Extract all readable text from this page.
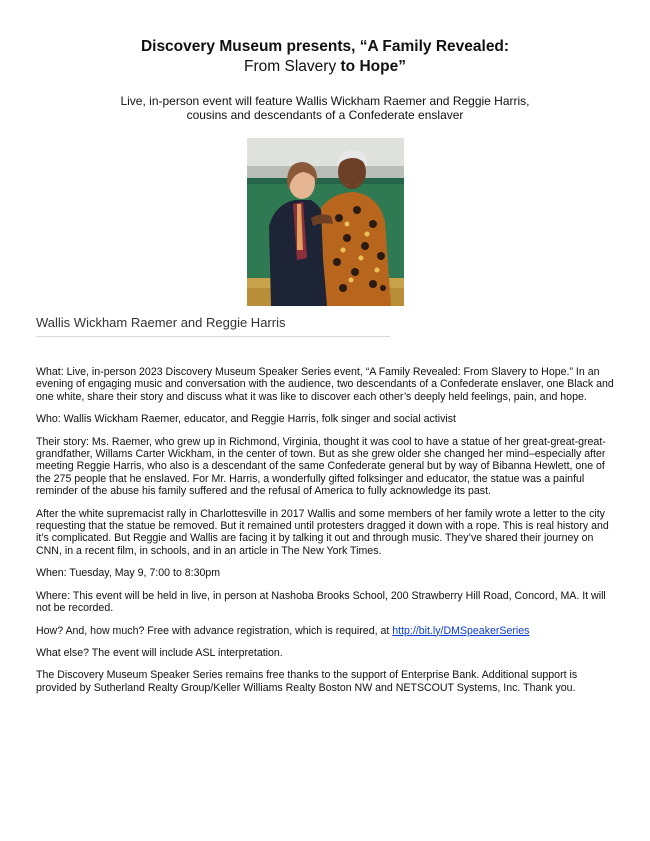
Discovery Museum presents, “A Family Revealed:
From Slavery to Hope”
Live, in-person event will feature Wallis Wickham Raemer and Reggie Harris,
cousins and descendants of a Confederate enslaver
Wallis Wickham Raemer and Reggie Harris

What: Live, in-person 2023 Discovery Museum Speaker Series event, “A Family Revealed: From Slavery to Hope.” In an evening of engaging music and conversation with the audience, two descendants of a Confederate enslaver, one Black and one white, share their story and discuss what it was like to discover each other’s deeply held feelings, pain, and hope.

Who: Wallis Wickham Raemer, educator, and Reggie Harris, folk singer and social activist

Their story: Ms. Raemer, who grew up in Richmond, Virginia, thought it was cool to have a statue of her great-great-great-grandfather, Willams Carter Wickham, in the center of town. But as she grew older she changed her mind–especially after meeting Reggie Harris, who also is a descendant of the same Confederate general but by way of Bibanna Hewlett, one of the 275 people that he enslaved. For Mr. Harris, a wonderfully gifted folksinger and educator, the statue was a painful reminder of the abuse his family suffered and the refusal of America to fully acknowledge its past.

After the white supremacist rally in Charlottesville in 2017 Wallis and some members of her family wrote a letter to the city requesting that the statue be removed. But it remained until protesters dragged it down with a rope. This is real history and it’s complicated. But Reggie and Wallis are facing it by talking it out and through music. They’ve shared their journey on CNN, in a recent film, in schools, and in an article in The New York Times.

When: Tuesday, May 9, 7:00 to 8:30pm

Where: This event will be held in live, in person at Nashoba Brooks School, 200 Strawberry Hill Road, Concord, MA. It will not be recorded.

How? And, how much? Free with advance registration, which is required, at http://bit.ly/DMSpeakerSeries

What else? The event will include ASL interpretation.

The Discovery Museum Speaker Series remains free thanks to the support of Enterprise Bank. Additional support is provided by Sutherland Realty Group/Keller Williams Realty Boston NW and NETSCOUT Systems, Inc. Thank you.
